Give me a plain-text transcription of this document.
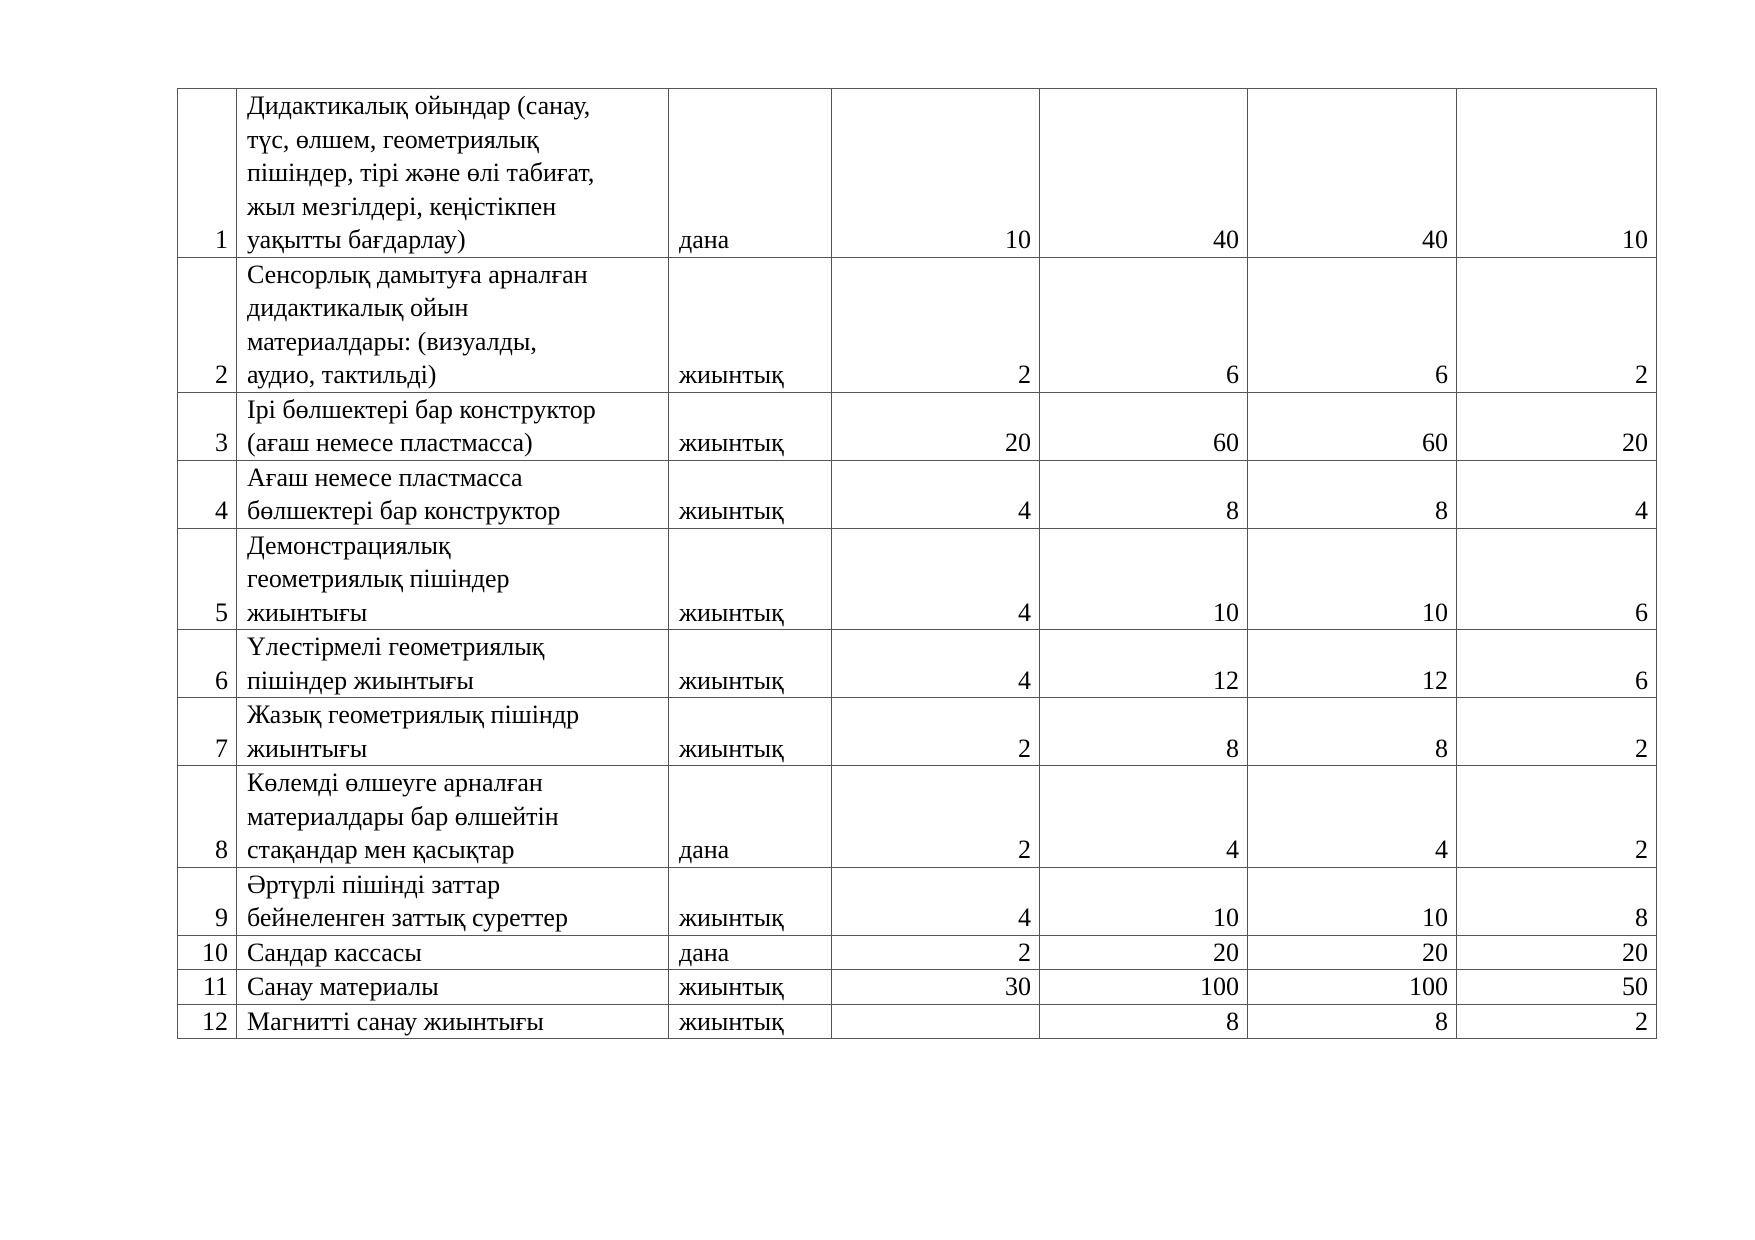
1	Дидактикалық ойындар (санау,
түс, өлшем, геометриялық
пішіндер, тірі және өлі табиғат,
жыл мезгілдері, кеңістікпен
уақытты бағдарлау)	дана	10	40	40	10
2	Сенсорлық дамытуға арналған
дидактикалық ойын
материалдары: (визуалды,
аудио, тактильді)	жиынтық	2	6	6	2
3	Ірі бөлшектері бар конструктор
(ағаш немесе пластмасса)	жиынтық	20	60	60	20
4	Ағаш немесе пластмасса
бөлшектері бар конструктор	жиынтық	4	8	8	4
5	Демонстрациялық
геометриялық пішіндер
жиынтығы	жиынтық	4	10	10	6
6	Үлестірмелі геометриялық
пішіндер жиынтығы	жиынтық	4	12	12	6
7	Жазық геометриялық пішіндр
жиынтығы	жиынтық	2	8	8	2
8	Көлемді өлшеуге арналған
материалдары бар өлшейтін
стақандар мен қасықтар	дана	2	4	4	2
9	Әртүрлі пішінді заттар
бейнеленген заттық суреттер	жиынтық	4	10	10	8
10	Сандар кассасы	дана	2	20	20	20
11	Санау материалы	жиынтық	30	100	100	50
12	Магнитті санау жиынтығы	жиынтық		8	8	2
